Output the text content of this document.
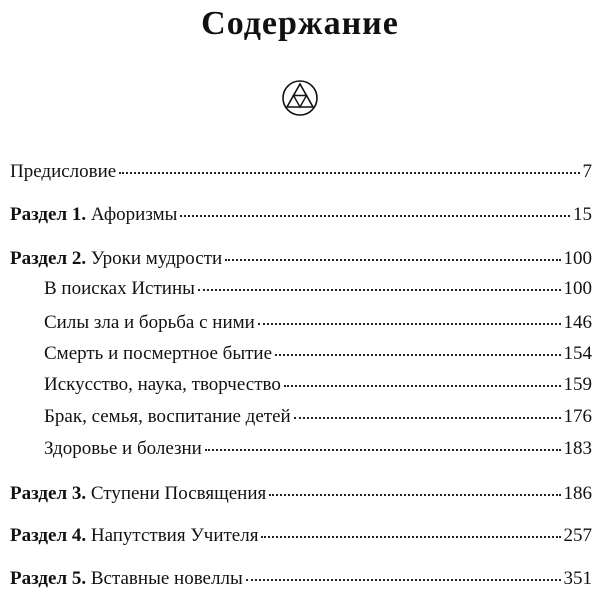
Содержание
Предисловие	7
Раздел 1. Афоризмы	15
Раздел 2. Уроки мудрости	100
В поисках Истины	100
Силы зла и борьба с ними	146
Смерть и посмертное бытие	154
Искусство, наука, творчество	159
Брак, семья, воспитание детей	176
Здоровье и болезни	183
Раздел 3. Ступени Посвящения	186
Раздел 4. Напутствия Учителя	257
Раздел 5. Вставные новеллы	351
